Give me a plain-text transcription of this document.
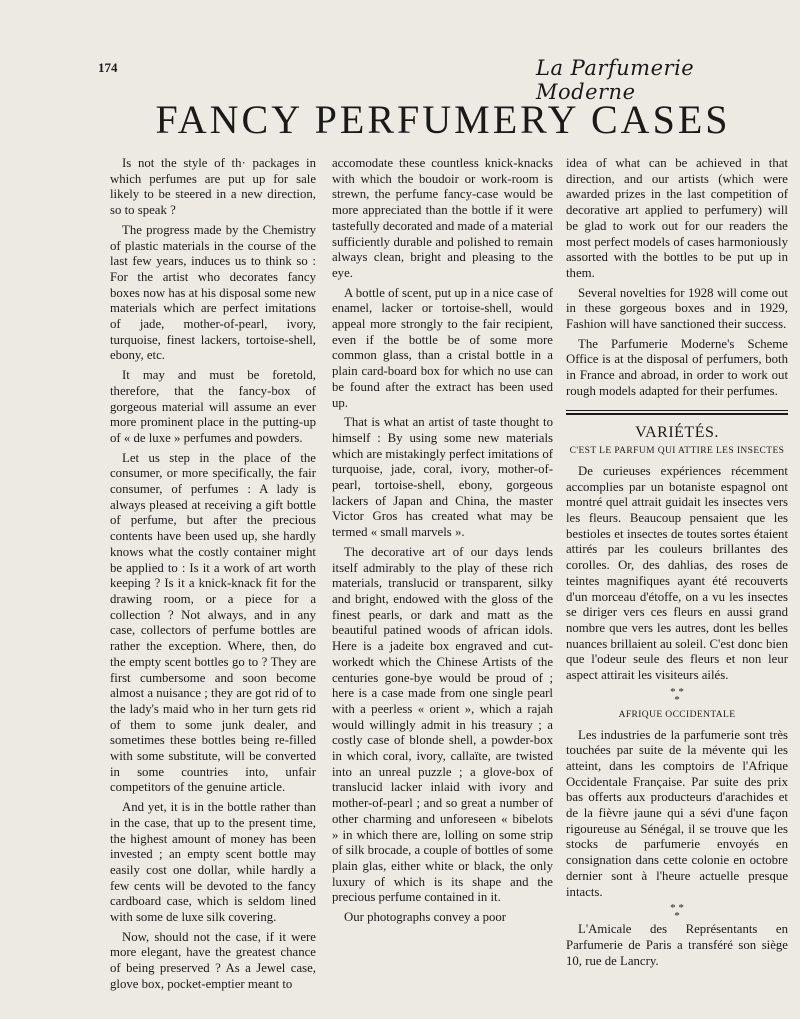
174	La Parfumerie Moderne
FANCY PERFUMERY CASES

Is not the style of th· packages in which perfumes are put up for sale likely to be steered in a new direction, so to speak ?

The progress made by the Chemistry of plastic materials in the course of the last few years, induces us to think so : For the artist who decorates fancy boxes now has at his disposal some new materials which are perfect imitations of jade, mother-of-pearl, ivory, turquoise, finest lackers, tortoise-shell, ebony, etc.

It may and must be foretold, therefore, that the fancy-box of gorgeous material will assume an ever more prominent place in the putting-up of « de luxe » perfumes and powders.

Let us step in the place of the consumer, or more specifically, the fair consumer, of perfumes : A lady is always pleased at receiving a gift bottle of perfume, but after the precious contents have been used up, she hardly knows what the costly container might be applied to : Is it a work of art worth keeping ? Is it a knick-knack fit for the drawing room, or a piece for a collection ? Not always, and in any case, collectors of perfume bottles are rather the exception. Where, then, do the empty scent bottles go to ? They are first cumbersome and soon become almost a nuisance ; they are got rid of to the lady's maid who in her turn gets rid of them to some junk dealer, and sometimes these bottles being re-filled with some substitute, will be converted in some countries into, unfair competitors of the genuine article.

And yet, it is in the bottle rather than in the case, that up to the present time, the highest amount of money has been invested ; an empty scent bottle may easily cost one dollar, while hardly a few cents will be devoted to the fancy cardboard case, which is seldom lined with some de luxe silk covering.

Now, should not the case, if it were more elegant, have the greatest chance of being preserved ? As a Jewel case, glove box, pocket-emptier meant to

accomodate these countless knick-knacks with which the boudoir or work-room is strewn, the perfume fancy-case would be more appreciated than the bottle if it were tastefully decorated and made of a material sufficiently durable and polished to remain always clean, bright and pleasing to the eye.

A bottle of scent, put up in a nice case of enamel, lacker or tortoise-shell, would appeal more strongly to the fair recipient, even if the bottle be of some more common glass, than a cristal bottle in a plain card-board box for which no use can be found after the extract has been used up.

That is what an artist of taste thought to himself : By using some new materials which are mistakingly perfect imitations of turquoise, jade, coral, ivory, mother-of-pearl, tortoise-shell, ebony, gorgeous lackers of Japan and China, the master Victor Gros has created what may be termed « small marvels ».

The decorative art of our days lends itself admirably to the play of these rich materials, translucid or transparent, silky and bright, endowed with the gloss of the finest pearls, or dark and matt as the beautiful patined woods of african idols. Here is a jadeite box engraved and cut-workedt which the Chinese Artists of the centuries gone-bye would be proud of ; here is a case made from one single pearl with a peerless « orient », which a rajah would willingly admit in his treasury ; a costly case of blonde shell, a powder-box in which coral, ivory, callaïte, are twisted into an unreal puzzle ; a glove-box of translucid lacker inlaid with ivory and mother-of-pearl ; and so great a number of other charming and unforeseen « bibelots » in which there are, lolling on some strip of silk brocade, a couple of bottles of some plain glas, either white or black, the only luxury of which is its shape and the precious perfume contained in it.

Our photographs convey a poor

idea of what can be achieved in that direction, and our artists (which were awarded prizes in the last competition of decorative art applied to perfumery) will be glad to work out for our readers the most perfect models of cases harmoniously assorted with the bottles to be put up in them.

Several novelties for 1928 will come out in these gorgeous boxes and in 1929, Fashion will have sanctioned their success.

The Parfumerie Moderne's Scheme Office is at the disposal of perfumers, both in France and abroad, in order to work out rough models adapted for their perfumes.

VARIÉTÉS.
C'EST LE PARFUM QUI ATTIRE LES INSECTES

De curieuses expériences récemment accomplies par un botaniste espagnol ont montré quel attrait guidait les insectes vers les fleurs. Beaucoup pensaient que les bestioles et insectes de toutes sortes étaient attirés par les couleurs brillantes des corolles. Or, des dahlias, des roses de teintes magnifiques ayant été recouverts d'un morceau d'étoffe, on a vu les insectes se diriger vers ces fleurs en aussi grand nombre que vers les autres, dont les belles nuances brillaient au soleil. C'est donc bien que l'odeur seule des fleurs et non leur aspect attirait les visiteurs ailés.

* *
*
AFRIQUE OCCIDENTALE

Les industries de la parfumerie sont très touchées par suite de la mévente qui les atteint, dans les comptoirs de l'Afrique Occidentale Française. Par suite des prix bas offerts aux producteurs d'arachides et de la fièvre jaune qui a sévi d'une façon rigoureuse au Sénégal, il se trouve que les stocks de parfumerie envoyés en consignation dans cette colonie en octobre dernier sont à l'heure actuelle presque intacts.

* *
*

L'Amicale des Représentants en Parfumerie de Paris a transféré son siège 10, rue de Lancry.
